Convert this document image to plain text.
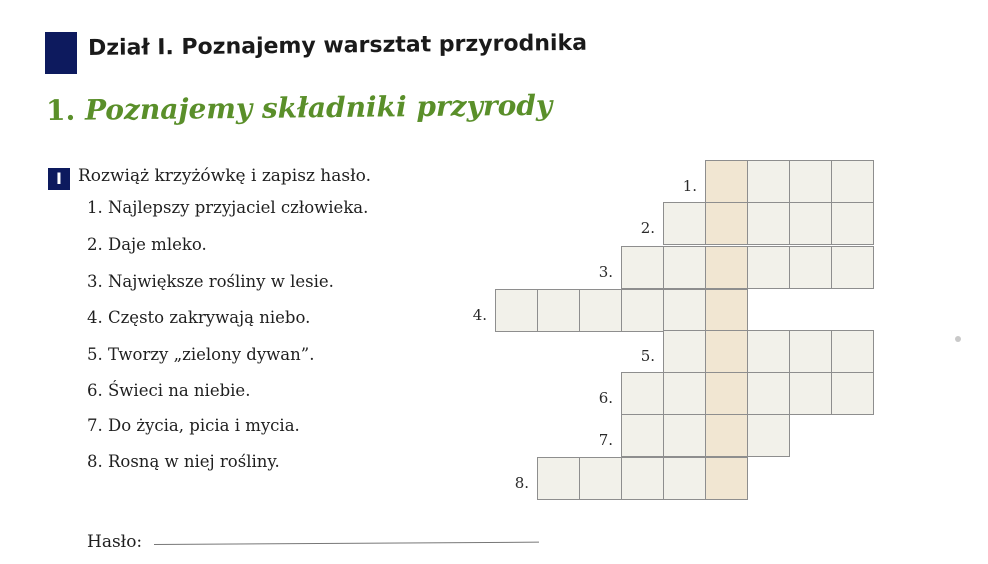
Dział I. Poznajemy warsztat przyrodnika
1. Poznajemy składniki przyrody
I Rozwiąż krzyżówkę i zapisz hasło.
1. Najlepszy przyjaciel człowieka.
2. Daje mleko.
3. Największe rośliny w lesie.
4. Często zakrywają niebo.
5. Tworzy „zielony dywan”.
6. Świeci na niebie.
7. Do życia, picia i mycia.
8. Rosną w niej rośliny.
1.
2.
3.
4.
5.
6.
7.
8.
Hasło:
